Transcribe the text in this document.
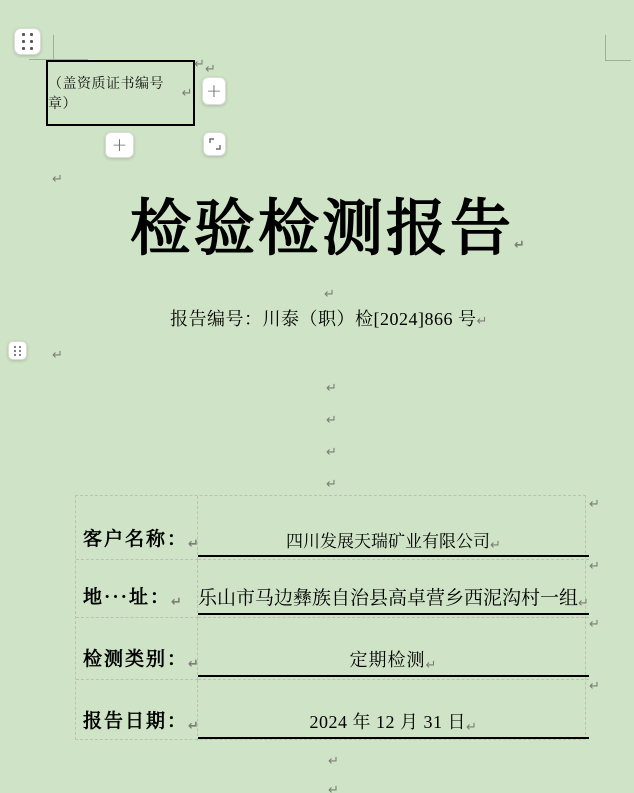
（盖资质证书编号章）
↵
↵ ↵
+
+
↵
↵
检验检测报告↵
↵
报告编号：川泰（职）检[2024]866 号↵
↵
↵
↵
↵
↵
↵
客户名称： ↵	四川发展天瑞矿业有限公司 ↵
地···址： ↵ 乐山市马边彝族自治县高卓营乡西泥沟村一组 ↵
检测类别： ↵	定期检测 ↵
报告日期： ↵	2024 年 12 月 31 日 ↵
↵
↵
↵
↵
